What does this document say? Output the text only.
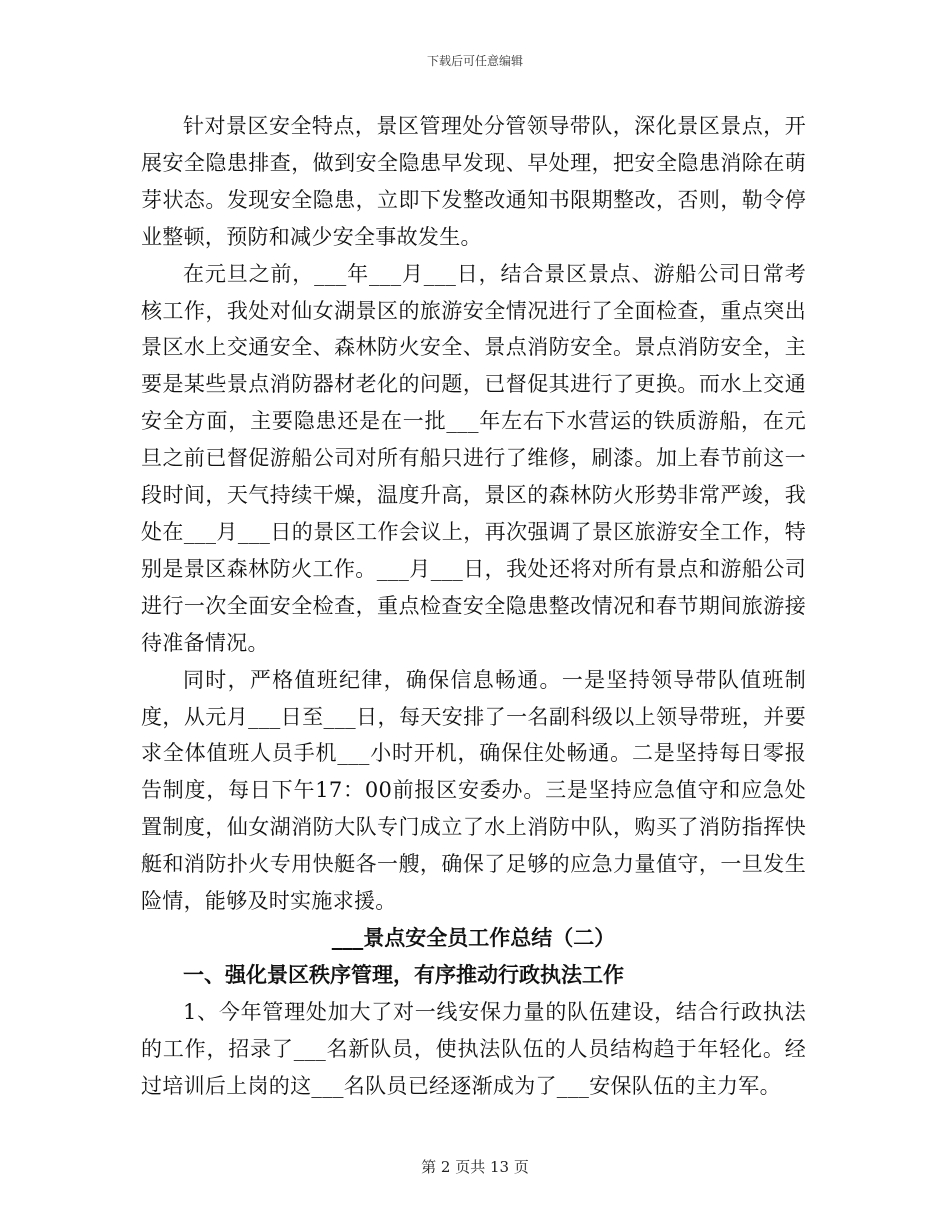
下载后可任意编辑

针对景区安全特点，景区管理处分管领导带队，深化景区景点，开展安全隐患排查，做到安全隐患早发现、早处理，把安全隐患消除在萌芽状态。发现安全隐患，立即下发整改通知书限期整改，否则，勒令停业整顿，预防和减少安全事故发生。

在元旦之前，___年___月___日，结合景区景点、游船公司日常考核工作，我处对仙女湖景区的旅游安全情况进行了全面检查，重点突出景区水上交通安全、森林防火安全、景点消防安全。景点消防安全，主要是某些景点消防器材老化的问题，已督促其进行了更换。而水上交通安全方面，主要隐患还是在一批___年左右下水营运的铁质游船，在元旦之前已督促游船公司对所有船只进行了维修，刷漆。加上春节前这一段时间，天气持续干燥，温度升高，景区的森林防火形势非常严竣，我处在___月___日的景区工作会议上，再次强调了景区旅游安全工作，特别是景区森林防火工作。___月___日，我处还将对所有景点和游船公司进行一次全面安全检查，重点检查安全隐患整改情况和春节期间旅游接待准备情况。

同时，严格值班纪律，确保信息畅通。一是坚持领导带队值班制度，从元月___日至___日，每天安排了一名副科级以上领导带班，并要求全体值班人员手机___小时开机，确保住处畅通。二是坚持每日零报告制度，每日下午17：00前报区安委办。三是坚持应急值守和应急处置制度，仙女湖消防大队专门成立了水上消防中队，购买了消防指挥快艇和消防扑火专用快艇各一艘，确保了足够的应急力量值守，一旦发生险情，能够及时实施求援。

___景点安全员工作总结（二）

一、强化景区秩序管理，有序推动行政执法工作

1、今年管理处加大了对一线安保力量的队伍建设，结合行政执法的工作，招录了___名新队员，使执法队伍的人员结构趋于年轻化。经过培训后上岗的这___名队员已经逐渐成为了___安保队伍的主力军。

第 2 页共 13 页
